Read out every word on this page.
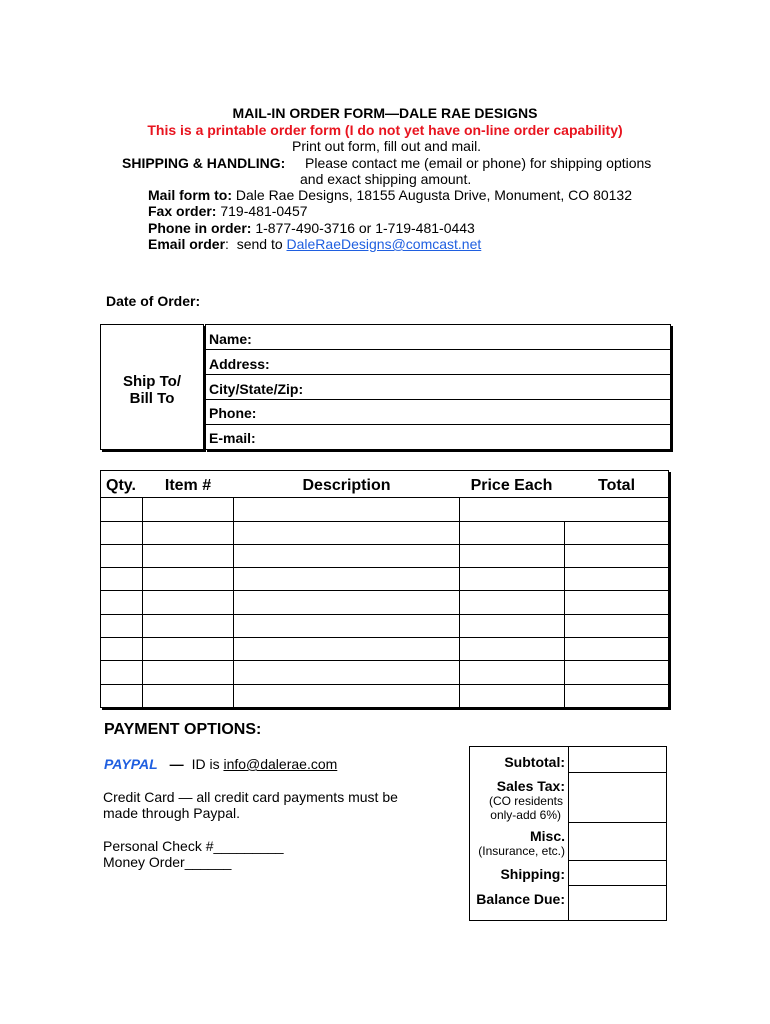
MAIL-IN ORDER FORM—DALE RAE DESIGNS
This is a printable order form (I do not yet have on-line order capability)
Print out form, fill out and mail.
SHIPPING & HANDLING: Please contact me (email or phone) for shipping options
and exact shipping amount.
Mail form to: Dale Rae Designs, 18155 Augusta Drive, Monument, CO 80132
Fax order: 719-481-0457
Phone in order: 1-877-490-3716 or 1-719-481-0443
Email order:  send to DaleRaeDesigns@comcast.net
Date of Order:
Ship To/
Bill To
Name:
Address:
City/State/Zip:
Phone:
E-mail:
Qty.	Item #	Description	Price Each	Total
PAYMENT OPTIONS:
PAYPAL — ID is info@dalerae.com
Credit Card — all credit card payments must be
made through Paypal.
Personal Check #_________
Money Order______
Subtotal:
Sales Tax:
(CO residents
only-add 6%)
Misc.
(Insurance, etc.)
Shipping:
Balance Due:
